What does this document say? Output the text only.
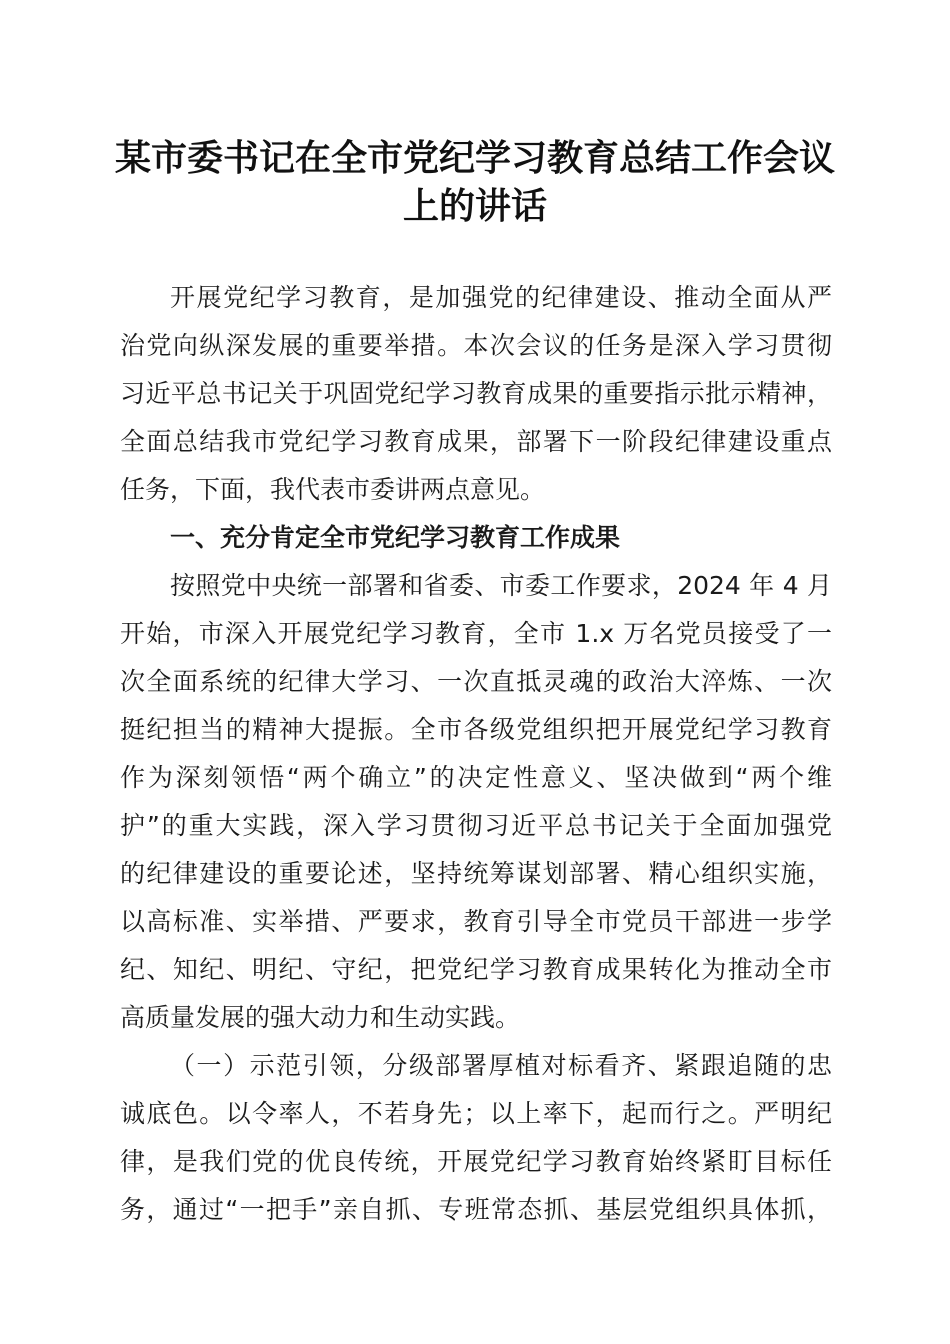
某市委书记在全市党纪学习教育总结工作会议
上的讲话
开展党纪学习教育，是加强党的纪律建设、推动全面从严
治党向纵深发展的重要举措。本次会议的任务是深入学习贯彻
习近平总书记关于巩固党纪学习教育成果的重要指示批示精神，
全面总结我市党纪学习教育成果，部署下一阶段纪律建设重点
任务，下面，我代表市委讲两点意见。
一、充分肯定全市党纪学习教育工作成果
按照党中央统一部署和省委、市委工作要求，2024 年 4 月
开始，市深入开展党纪学习教育，全市 1.x 万名党员接受了一
次全面系统的纪律大学习、一次直抵灵魂的政治大淬炼、一次
挺纪担当的精神大提振。全市各级党组织把开展党纪学习教育
作为深刻领悟“两个确立”的决定性意义、坚决做到“两个维
护”的重大实践，深入学习贯彻习近平总书记关于全面加强党
的纪律建设的重要论述，坚持统筹谋划部署、精心组织实施，
以高标准、实举措、严要求，教育引导全市党员干部进一步学
纪、知纪、明纪、守纪，把党纪学习教育成果转化为推动全市
高质量发展的强大动力和生动实践。
（一）示范引领，分级部署厚植对标看齐、紧跟追随的忠
诚底色。以令率人，不若身先；以上率下，起而行之。严明纪
律，是我们党的优良传统，开展党纪学习教育始终紧盯目标任
务，通过“一把手”亲自抓、专班常态抓、基层党组织具体抓，
